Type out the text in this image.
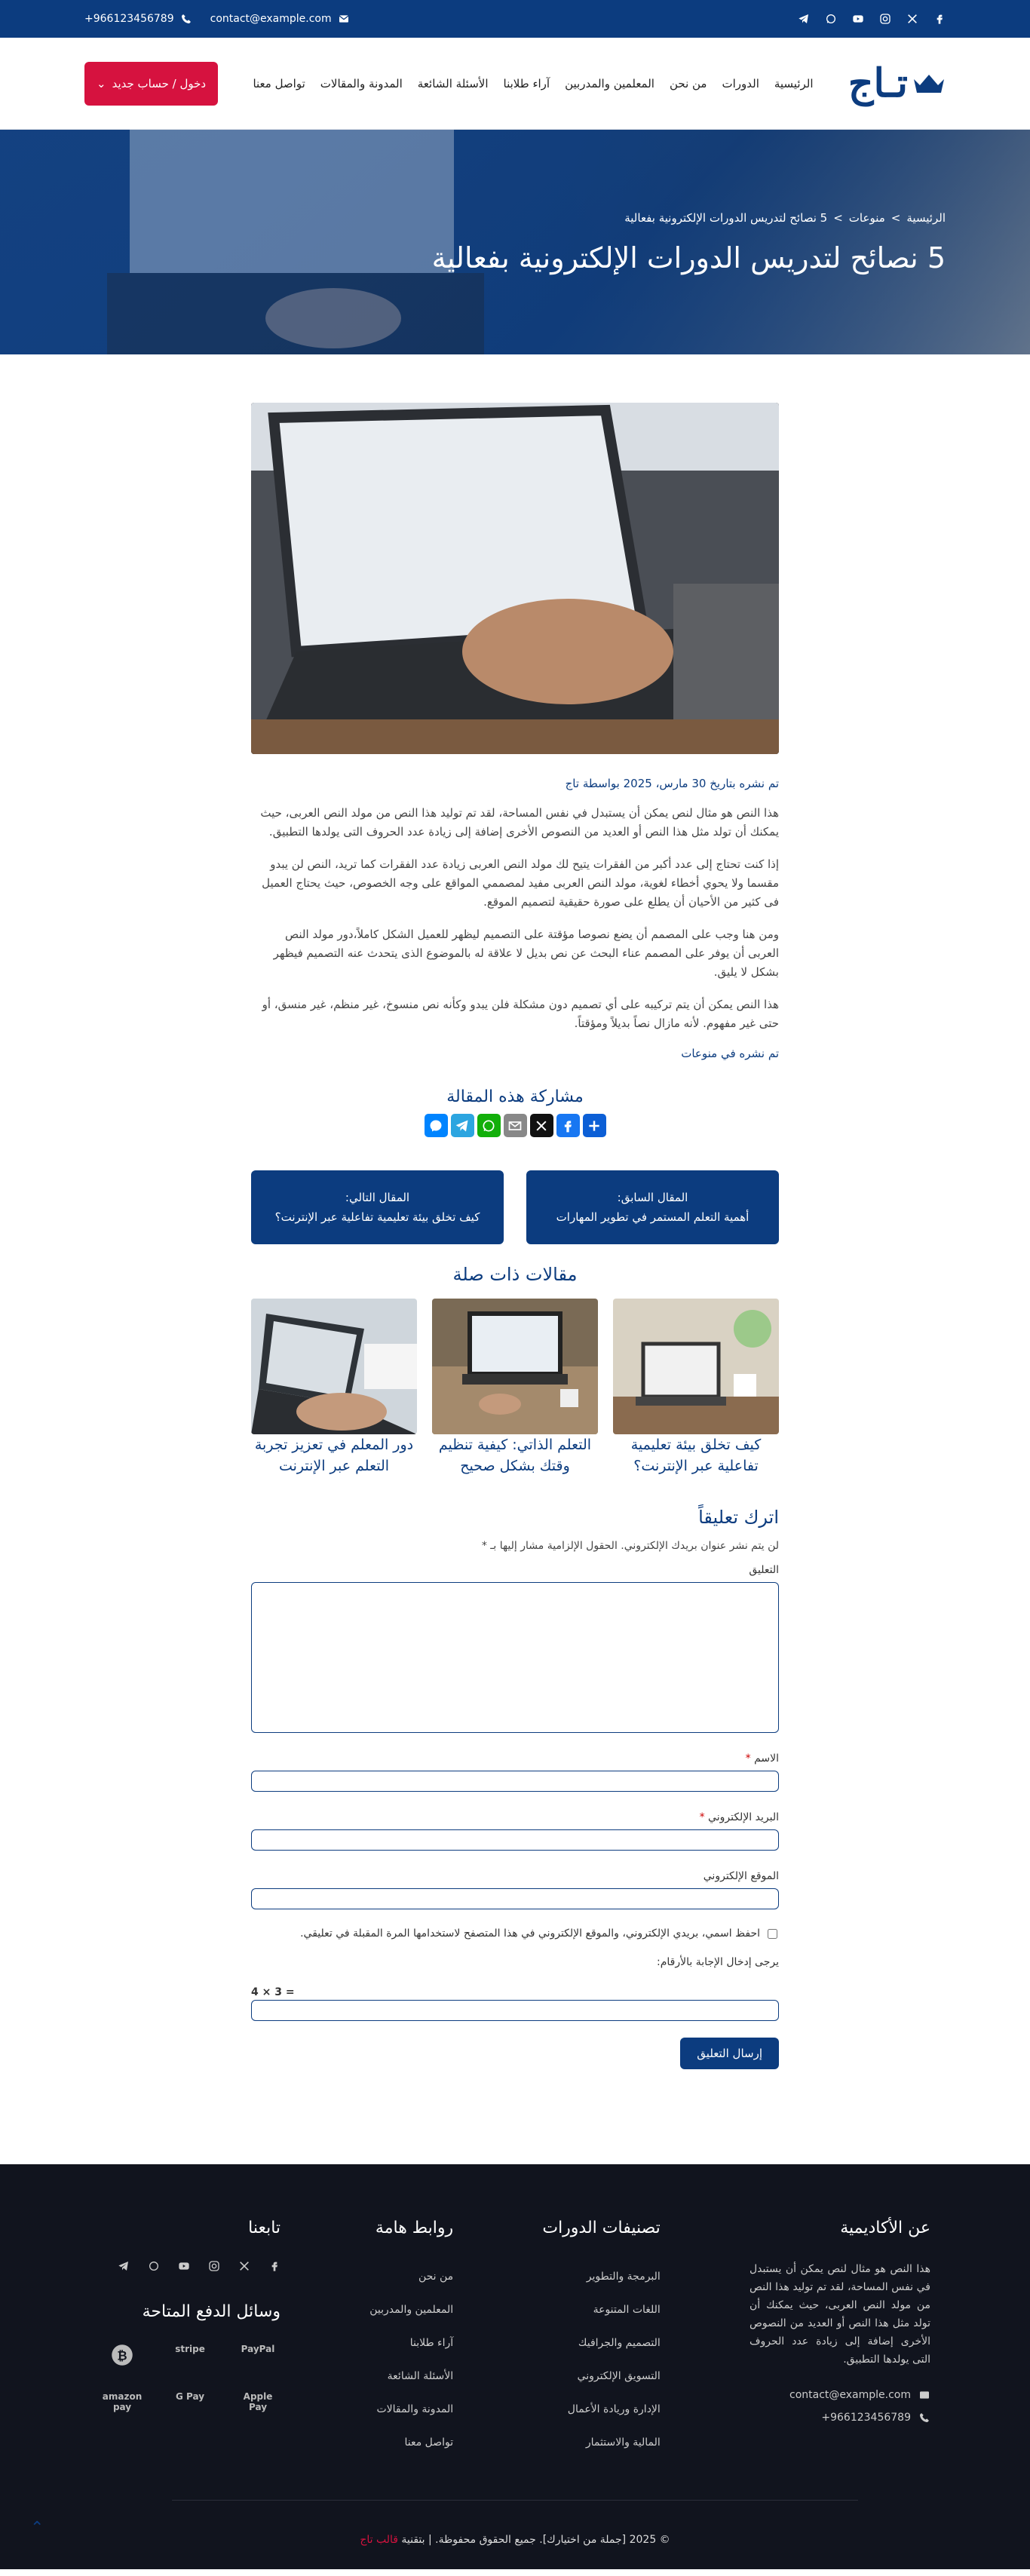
contact@example.com
+966123456789
تـاج
الرئيسية
الدورات
من نحن
المعلمين والمدربين
آراء طلابنا
الأسئلة الشائعة
المدونة والمقالات
تواصل معنا
دخول / حساب جديد
⌄
الرئيسية
>
منوعات
>
5 نصائح لتدريس الدورات الإلكترونية بفعالية
5 نصائح لتدريس الدورات الإلكترونية بفعالية
تم نشره بتاريخ 30 مارس، 2025 بواسطة تاج

هذا النص هو مثال لنص يمكن أن يستبدل في نفس المساحة، لقد تم توليد هذا النص من مولد النص العربى، حيث يمكنك أن تولد مثل هذا النص أو العديد من النصوص الأخرى إضافة إلى زيادة عدد الحروف التى يولدها التطبيق.

إذا كنت تحتاج إلى عدد أكبر من الفقرات يتيح لك مولد النص العربى زيادة عدد الفقرات كما تريد، النص لن يبدو مقسما ولا يحوي أخطاء لغوية، مولد النص العربى مفيد لمصممي المواقع على وجه الخصوص، حيث يحتاج العميل فى كثير من الأحيان أن يطلع على صورة حقيقية لتصميم الموقع.

ومن هنا وجب على المصمم أن يضع نصوصا مؤقتة على التصميم ليظهر للعميل الشكل كاملاً،دور مولد النص العربى أن يوفر على المصمم عناء البحث عن نص بديل لا علاقة له بالموضوع الذى يتحدث عنه التصميم فيظهر بشكل لا يليق.

هذا النص يمكن أن يتم تركيبه على أي تصميم دون مشكلة فلن يبدو وكأنه نص منسوخ، غير منظم، غير منسق، أو حتى غير مفهوم. لأنه مازال نصاً بديلاً ومؤقتاً.

تم نشره في منوعات
مشاركة هذه المقالة
المقال السابق:
أهمية التعلم المستمر في تطوير المهارات
المقال التالي:
كيف تخلق بيئة تعليمية تفاعلية عبر الإنترنت؟
مقالات ذات صلة
كيف تخلق بيئة تعليمية تفاعلية عبر الإنترنت؟
التعلم الذاتي: كيفية تنظيم وقتك بشكل صحيح
دور المعلم في تعزيز تجربة التعلم عبر الإنترنت
اترك تعليقاً
لن يتم نشر عنوان بريدك الإلكتروني. الحقول الإلزامية مشار إليها بـ *
التعليق
الاسم *
البريد الإلكتروني *
الموقع الإلكتروني
احفظ اسمي، بريدي الإلكتروني، والموقع الإلكتروني في هذا المتصفح لاستخدامها المرة المقبلة في تعليقي.
يرجى إدخال الإجابة بالأرقام:
4 × 3 =
إرسال التعليق
عن الأكاديمية

هذا النص هو مثال لنص يمكن أن يستبدل في نفس المساحة، لقد تم توليد هذا النص من مولد النص العربى، حيث يمكنك أن تولد مثل هذا النص أو العديد من النصوص الأخرى إضافة إلى زيادة عدد الحروف التى يولدها التطبيق.

contact@example.com
+966123456789
تصنيفات الدورات
البرمجة والتطوير
اللغات المتنوعة
التصميم والجرافيك
التسويق الإلكتروني
الإدارة وريادة الأعمال
المالية والاستثمار
روابط هامة
من نحن
المعلمين والمدربين
آراء طلابنا
الأسئلة الشائعة
المدونة والمقالات
تواصل معنا
تابعنا
وسائل الدفع المتاحة
PayPal
stripe
₿
Apple Pay
G Pay
amazon pay
© 2025 [جملة من اختيارك]. جميع الحقوق محفوظة. | بتقنية قالب تاج
⌃
